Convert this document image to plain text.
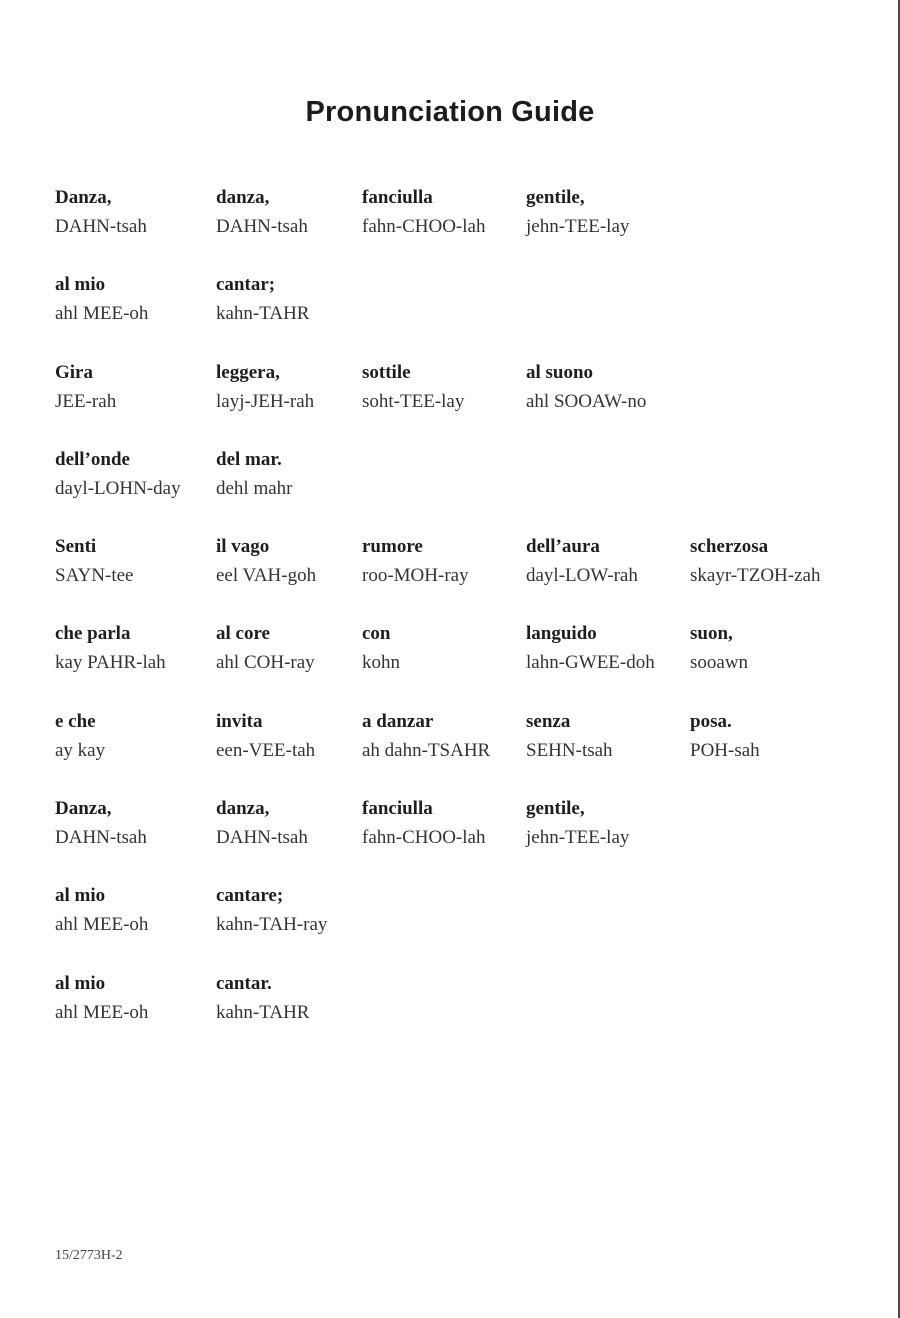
Pronunciation Guide
Danza,
DAHN-tsah
danza,
DAHN-tsah
fanciulla
fahn-CHOO-lah
gentile,
jehn-TEE-lay
al mio
ahl MEE-oh
cantar;
kahn-TAHR
Gira
JEE-rah
leggera,
layj-JEH-rah
sottile
soht-TEE-lay
al suono
ahl SOOAW-no
dell’onde
dayl-LOHN-day
del mar.
dehl mahr
Senti
SAYN-tee
il vago
eel VAH-goh
rumore
roo-MOH-ray
dell’aura
dayl-LOW-rah
scherzosa
skayr-TZOH-zah
che parla
kay PAHR-lah
al core
ahl COH-ray
con
kohn
languido
lahn-GWEE-doh
suon,
sooawn
e che
ay kay
invita
een-VEE-tah
a danzar
ah dahn-TSAHR
senza
SEHN-tsah
posa.
POH-sah
Danza,
DAHN-tsah
danza,
DAHN-tsah
fanciulla
fahn-CHOO-lah
gentile,
jehn-TEE-lay
al mio
ahl MEE-oh
cantare;
kahn-TAH-ray
al mio
ahl MEE-oh
cantar.
kahn-TAHR
15/2773H-2
